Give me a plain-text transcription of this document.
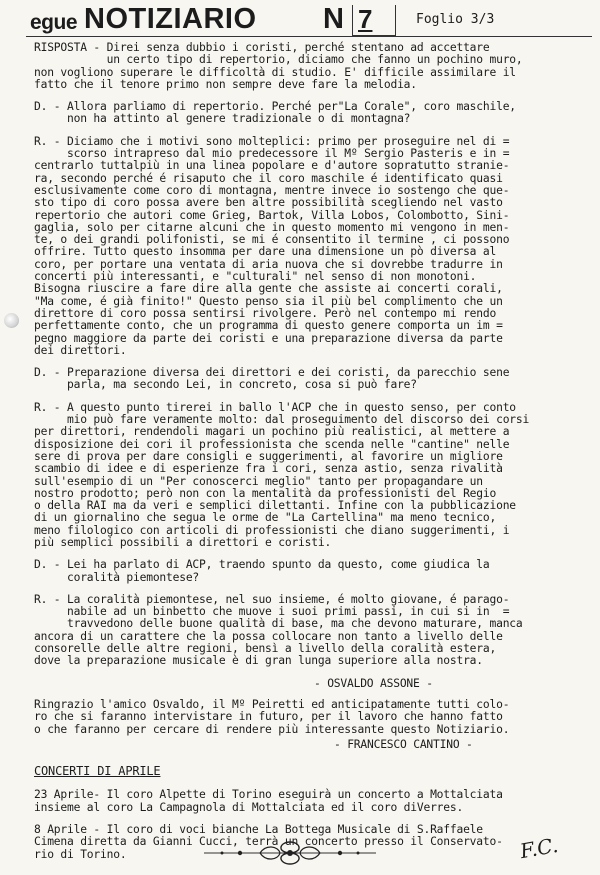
egue NOTIZIARIO N 7	Foglio 3/3
RISPOSTA - Direi senza dubbio i coristi, perché stentano ad accettare
un certo tipo di repertorio, diciamo che fanno un pochino muro,
non vogliono superare le difficoltà di studio. E' difficile assimilare il
fatto che il tenore primo non sempre deve fare la melodia.
D. - Allora parliamo di repertorio. Perché per"La Corale", coro maschile,
non ha attinto al genere tradizionale o di montagna?
R. - Diciamo che i motivi sono molteplici: primo per proseguire nel di =
scorso intrapreso dal mio predecessore il Mº Sergio Pasteris e in =
centrarlo tuttalpiù in una linea popolare e d'autore sopratutto stranie-
ra, secondo perché é risaputo che il coro maschile é identificato quasi
esclusivamente come coro di montagna, mentre invece io sostengo che que-
sto tipo di coro possa avere ben altre possibilità scegliendo nel vasto
repertorio che autori come Grieg, Bartok, Villa Lobos, Colombotto, Sini-
gaglia, solo per citarne alcuni che in questo momento mi vengono in men-
te, o dei grandi polifonisti, se mi é consentito il termine , ci possono
offrire. Tutto questo insomma per dare una dimensione un pò diversa al
coro, per portare una ventata di aria nuova che si dovrebbe tradurre in
concerti più interessanti, e "culturali" nel senso di non monotoni.
Bisogna riuscire a fare dire alla gente che assiste ai concerti corali,
"Ma come, é già finito!" Questo penso sia il più bel complimento che un
direttore di coro possa sentirsi rivolgere. Però nel contempo mi rendo
perfettamente conto, che un programma di questo genere comporta un im =
pegno maggiore da parte dei coristi e una preparazione diversa da parte
dei direttori.
D. - Preparazione diversa dei direttori e dei coristi, da parecchio sene
parla, ma secondo Lei, in concreto, cosa si può fare?
R. - A questo punto tirerei in ballo l'ACP che in questo senso, per conto
mio può fare veramente molto: dal proseguimento del discorso dei corsi
per direttori, rendendoli magari un pochino più realistici, al mettere a
disposizione dei cori il professionista che scenda nelle "cantine" nelle
sere di prova per dare consigli e suggerimenti, al favorire un migliore
scambio di idee e di esperienze fra i cori, senza astio, senza rivalità
sull'esempio di un "Per conoscerci meglio" tanto per propagandare un
nostro prodotto; però non con la mentalità da professionisti del Regio
o della RAI ma da veri e semplici dilettanti. Infine con la pubblicazione
di un giornalino che segua le orme de "La Cartellina" ma meno tecnico,
meno filologico con articoli di professionisti che diano suggerimenti, i
più semplici possibili a direttori e coristi.
D. - Lei ha parlato di ACP, traendo spunto da questo, come giudica la
coralità piemontese?
R. - La coralità piemontese, nel suo insieme, é molto giovane, é parago-
nabile ad un binbetto che muove i suoi primi passi, in cui si in  =
travvedono delle buone qualità di base, ma che devono maturare, manca
ancora di un carattere che la possa collocare non tanto a livello delle
consorelle delle altre regioni, bensì a livello della coralità estera,
dove la preparazione musicale è di gran lunga superiore alla nostra.
- OSVALDO ASSONE -
Ringrazio l'amico Osvaldo, il Mº Peiretti ed anticipatamente tutti colo-
ro che si faranno intervistare in futuro, per il lavoro che hanno fatto
o che faranno per cercare di rendere più interessante questo Notiziario.
- FRANCESCO CANTINO -
CONCERTI DI APRILE
23 Aprile- Il coro Alpette di Torino eseguirà un concerto a Mottalciata
insieme al coro La Campagnola di Mottalciata ed il coro diVerres.
8 Aprile - Il coro di voci bianche La Bottega Musicale di S.Raffaele
Cimena diretta da Gianni Cucci, terrà un concerto presso il Conservato-
rio di Torino.	F.C.
